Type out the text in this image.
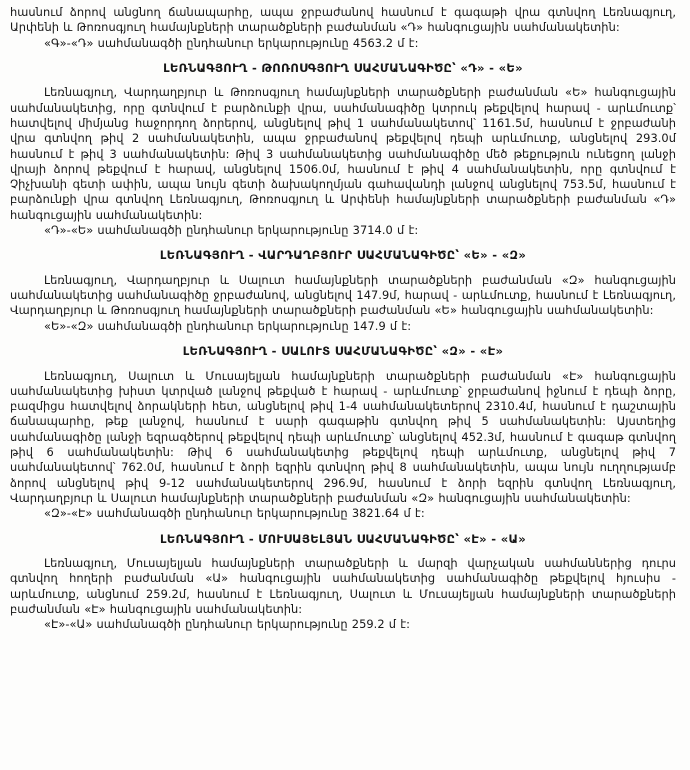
հասնում ձորով անցնող ճանապարհը, ապա ջրբաժանով հասնում է գագաթի վրա գտնվող Լեռնագյուղ, Արփենի և Թոռոսգյուղ համայնքների տարածքների բաժանման «Դ» հանգուցային սահմանակետին:

«Գ»-«Դ» սահմանագծի ընդհանուր երկարությունը 4563.2 մ է:

ԼԵՌՆԱԳՅՈՒՂ - ԹՈՌՈՍԳՅՈՒՂ ՍԱՀՄԱՆԱԳԻԾԸ՝ «Դ» - «Ե»

Լեռնագյուղ, Վարդաղբյուր և Թոռոսգյուղ համայնքների տարածքների բաժանման «Ե» հանգուցային սահմանակետից, որը գտնվում է բարձունքի վրա, սահմանագիծը կտրուկ թեքվելով հարավ - արևմուտք՝ հատվելով միմյանց հաջորդող ձորերով, անցնելով թիվ 1 սահմանակետով՝ 1161.5մ, հասնում է ջրբաժանի վրա գտնվող թիվ 2 սահմանակետին, ապա ջրբաժանով թեքվելով դեպի արևմուտք, անցնելով 293.0մ հասնում է թիվ 3 սահմանակետին: Թիվ 3 սահմանակետից սահմանագիծը մեծ թեքություն ունեցող լանջի վրայի ձորով թեքվում է հարավ, անցնելով 1506.0մ, հասնում է թիվ 4 սահմանակետին, որը գտնվում է Չիչխանի գետի ափին, ապա նույն գետի ձախակողմյան գահավանդի լանջով անցնելով 753.5մ, հասնում է բարձունքի վրա գտնվող Լեռնագյուղ, Թոռոսգյուղ և Արփենի համայնքների տարածքների բաժանման «Դ» հանգուցային սահմանակետին:

«Դ»-«Ե» սահմանագծի ընդհանուր երկարությունը 3714.0 մ է:

ԼԵՌՆԱԳՅՈՒՂ - ՎԱՐԴԱՂԲՅՈՒՐ ՍԱՀՄԱՆԱԳԻԾԸ՝ «Ե» - «Զ»

Լեռնագյուղ, Վարդաղբյուր և Սալուտ համայնքների տարածքների բաժանման «Զ» հանգուցային սահմանակետից սահմանագիծը ջրբաժանով, անցնելով 147.9մ, հարավ - արևմուտք, հասնում է Լեռնագյուղ, Վարդաղբյուր և Թոռոսգյուղ համայնքների տարածքների բաժանման «Ե» հանգուցային սահմանակետին:

«Ե»-«Զ» սահմանագծի ընդհանուր երկարությունը 147.9 մ է:

ԼԵՌՆԱԳՅՈՒՂ - ՍԱԼՈՒՏ ՍԱՀՄԱՆԱԳԻԾԸ՝ «Զ» - «Է»

Լեռնագյուղ, Սալուտ և Մուսայելյան համայնքների տարածքների բաժանման «Է» հանգուցային սահմանակետից խիստ կտրված լանջով թեքված է հարավ - արևմուտք՝ ջրբաժանով իջնում է դեպի ձորը, բազմիցս հատվելով ձորակների հետ, անցնելով թիվ 1-4 սահմանակետերով 2310.4մ, հասնում է դաշտային ճանապարհը, թեք լանջով, հասնում է սարի գագաթին գտնվող թիվ 5 սահմանակետին: Այստեղից սահմանագիծը լանջի եզրագծերով թեքվելով դեպի արևմուտք՝ անցնելով 452.3մ, հասնում է գագաթ գտնվող թիվ 6 սահմանակետին: Թիվ 6 սահմանակետից թեքվելով դեպի արևմուտք, անցնելով թիվ 7 սահմանակետով՝ 762.0մ, հասնում է ձորի եզրին գտնվող թիվ 8 սահմանակետին, ապա նույն ուղղությամբ ձորով անցնելով թիվ 9-12 սահմանակետերով 296.9մ, հասնում է ձորի եզրին գտնվող Լեռնագյուղ, Վարդաղբյուր և Սալուտ համայնքների տարածքների բաժանման «Զ» հանգուցային սահմանակետին:

«Զ»-«Է» սահմանագծի ընդհանուր երկարությունը 3821.64 մ է:

ԼԵՌՆԱԳՅՈՒՂ - ՄՈՒՍԱՅԵԼՅԱՆ ՍԱՀՄԱՆԱԳԻԾԸ՝ «Է» - «Ա»

Լեռնագյուղ, Մուսայելյան համայնքների տարածքների և մարզի վարչական սահմաններից դուրս գտնվող հողերի բաժանման «Ա» հանգուցային սահմանակետից սահմանագիծը թեքվելով հյուսիս - արևմուտք, անցնում 259.2մ, հասնում է Լեռնագյուղ, Սալուտ և Մուսայելյան համայնքների տարածքների բաժանման «Է» հանգուցային սահմանակետին:

«Է»-«Ա» սահմանագծի ընդհանուր երկարությունը 259.2 մ է:
